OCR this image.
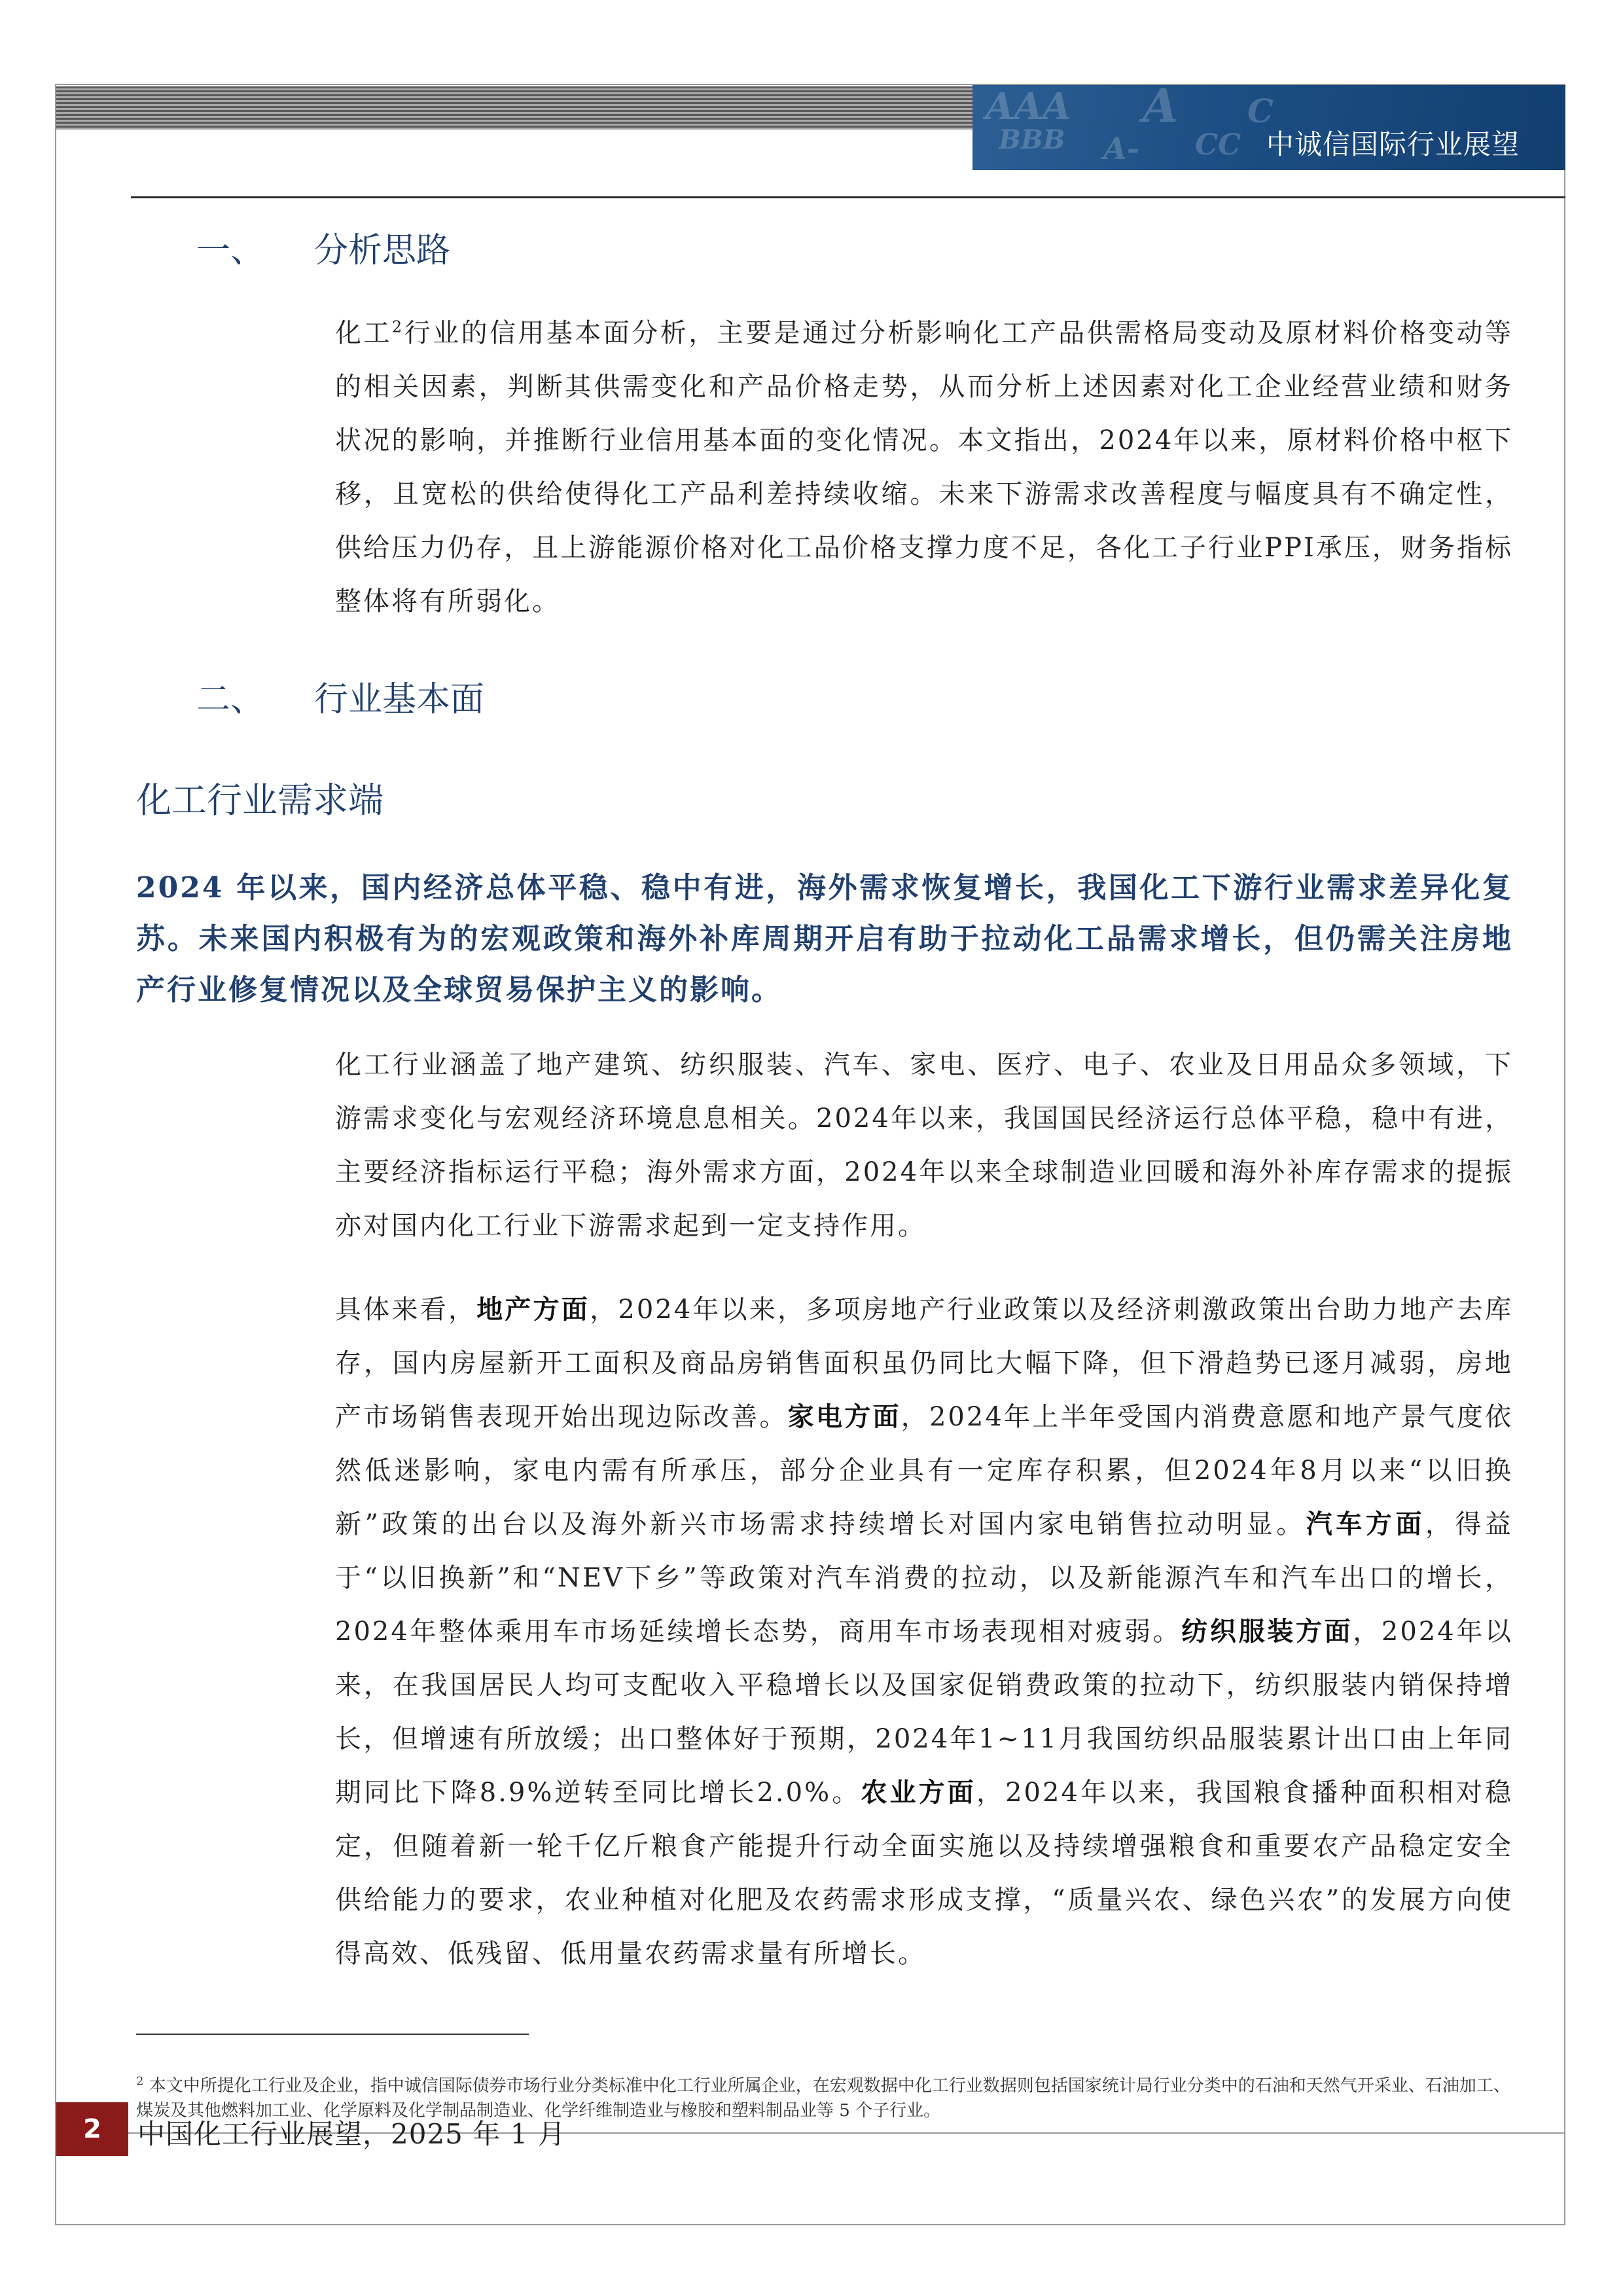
AAA A C
BBB A- CC 中诚信国际行业展望
一、 分析思路

化工$^2$行业的信用基本面分析，主要是通过分析影响化工产品供需格局变动及原材料价格变动等的相关因素，判断其供需变化和产品价格走势，从而分析上述因素对化工企业经营业绩和财务状况的影响，并推断行业信用基本面的变化情况。本文指出，2024年以来，原材料价格中枢下移，且宽松的供给使得化工产品利差持续收缩。未来下游需求改善程度与幅度具有不确定性，供给压力仍存，且上游能源价格对化工品价格支撑力度不足，各化工子行业PPI承压，财务指标整体将有所弱化。

二、 行业基本面
化工行业需求端

2024 年以来，国内经济总体平稳、稳中有进，海外需求恢复增长，我国化工下游行业需求差异化复苏。未来国内积极有为的宏观政策和海外补库周期开启有助于拉动化工品需求增长，但仍需关注房地产行业修复情况以及全球贸易保护主义的影响。

化工行业涵盖了地产建筑、纺织服装、汽车、家电、医疗、电子、农业及日用品众多领域，下游需求变化与宏观经济环境息息相关。2024年以来，我国国民经济运行总体平稳，稳中有进，主要经济指标运行平稳；海外需求方面，2024年以来全球制造业回暖和海外补库存需求的提振亦对国内化工行业下游需求起到一定支持作用。

具体来看，地产方面，2024年以来，多项房地产行业政策以及经济刺激政策出台助力地产去库存，国内房屋新开工面积及商品房销售面积虽仍同比大幅下降，但下滑趋势已逐月减弱，房地产市场销售表现开始出现边际改善。家电方面，2024年上半年受国内消费意愿和地产景气度依然低迷影响，家电内需有所承压，部分企业具有一定库存积累，但2024年8月以来“以旧换新”政策的出台以及海外新兴市场需求持续增长对国内家电销售拉动明显。汽车方面，得益于“以旧换新”和“NEV下乡”等政策对汽车消费的拉动，以及新能源汽车和汽车出口的增长，2024年整体乘用车市场延续增长态势，商用车市场表现相对疲弱。纺织服装方面，2024年以来，在我国居民人均可支配收入平稳增长以及国家促销费政策的拉动下，纺织服装内销保持增长，但增速有所放缓；出口整体好于预期，2024年1~11月我国纺织品服装累计出口由上年同期同比下降8.9%逆转至同比增长2.0%。农业方面，2024年以来，我国粮食播种面积相对稳定，但随着新一轮千亿斤粮食产能提升行动全面实施以及持续增强粮食和重要农产品稳定安全供给能力的要求，农业种植对化肥及农药需求形成支撑，“质量兴农、绿色兴农”的发展方向使得高效、低残留、低用量农药需求量有所增长。

$^2$ 本文中所提化工行业及企业，指中诚信国际债券市场行业分类标准中化工行业所属企业，在宏观数据中化工行业数据则包括国家统计局行业分类中的石油和天然气开采业、石油加工、煤炭及其他燃料加工业、化学原料及化学制品制造业、化学纤维制造业与橡胶和塑料制品业等 5 个子行业。

2	中国化工行业展望，2025 年 1 月
